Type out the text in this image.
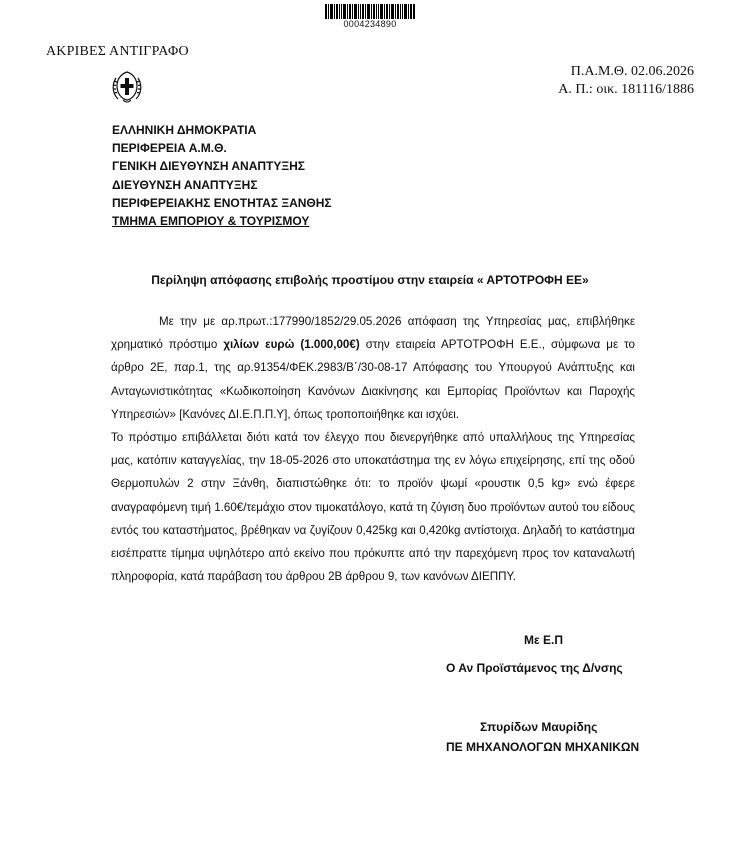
0004234890
ΑΚΡΙΒΕΣ ΑΝΤΙΓΡΑΦΟ
Π.Α.Μ.Θ. 02.06.2026
Α. Π.: οικ. 181116/1886
ΕΛΛΗΝΙΚΗ ΔΗΜΟΚΡΑΤΙΑ
ΠΕΡΙΦΕΡΕΙΑ Α.Μ.Θ.
ΓΕΝΙΚΗ ΔΙΕΥΘΥΝΣΗ ΑΝΑΠΤΥΞΗΣ
ΔΙΕΥΘΥΝΣΗ ΑΝΑΠΤΥΞΗΣ
ΠΕΡΙΦΕΡΕΙΑΚΗΣ ΕΝΟΤΗΤΑΣ ΞΑΝΘΗΣ
ΤΜΗΜΑ ΕΜΠΟΡΙΟΥ & ΤΟΥΡΙΣΜΟΥ
Περίληψη απόφασης επιβολής προστίμου στην εταιρεία « ΑΡΤΟΤΡΟΦΗ ΕΕ»

Με την με αρ.πρωτ.:177990/1852/29.05.2026 απόφαση της Υπηρεσίας μας, επιβλήθηκε χρηματικό πρόστιμο χιλίων ευρώ (1.000,00€) στην εταιρεία ΑΡΤΟΤΡΟΦΗ Ε.Ε., σύμφωνα με το άρθρο 2Ε, παρ.1, της αρ.91354/ΦΕΚ.2983/Β΄/30-08-17 Απόφασης του Υπουργού Ανάπτυξης και Ανταγωνιστικότητας «Κωδικοποίηση Κανόνων Διακίνησης και Εμπορίας Προϊόντων και Παροχής Υπηρεσιών» [Κανόνες ΔΙ.Ε.Π.Π.Υ], όπως τροποποιήθηκε και ισχύει.

Το πρόστιμο επιβάλλεται διότι κατά τον έλεγχο που διενεργήθηκε από υπαλλήλους της Υπηρεσίας μας, κατόπιν καταγγελίας, την 18-05-2026 στο υποκατάστημα της εν λόγω επιχείρησης, επί της οδού Θερμοπυλών 2 στην Ξάνθη, διαπιστώθηκε ότι: το προϊόν ψωμί «ρουστικ 0,5 kg» ενώ έφερε αναγραφόμενη τιμή 1.60€/τεμάχιο στον τιμοκατάλογο, κατά τη ζύγιση δυο προϊόντων αυτού του είδους εντός του καταστήματος, βρέθηκαν να ζυγίζουν 0,425kg και 0,420kg αντίστοιχα. Δηλαδή το κατάστημα εισέπραττε τίμημα υψηλότερο από εκείνο που πρόκυπτε από την παρεχόμενη προς τον καταναλωτή πληροφορία, κατά παράβαση του άρθρου 2Β άρθρου 9, των κανόνων ΔΙΕΠΠΥ.

Με Ε.Π
Ο Αν Προϊστάμενος της Δ/νσης
Σπυρίδων Μαυρίδης
ΠΕ ΜΗΧΑΝΟΛΟΓΩΝ ΜΗΧΑΝΙΚΩΝ
